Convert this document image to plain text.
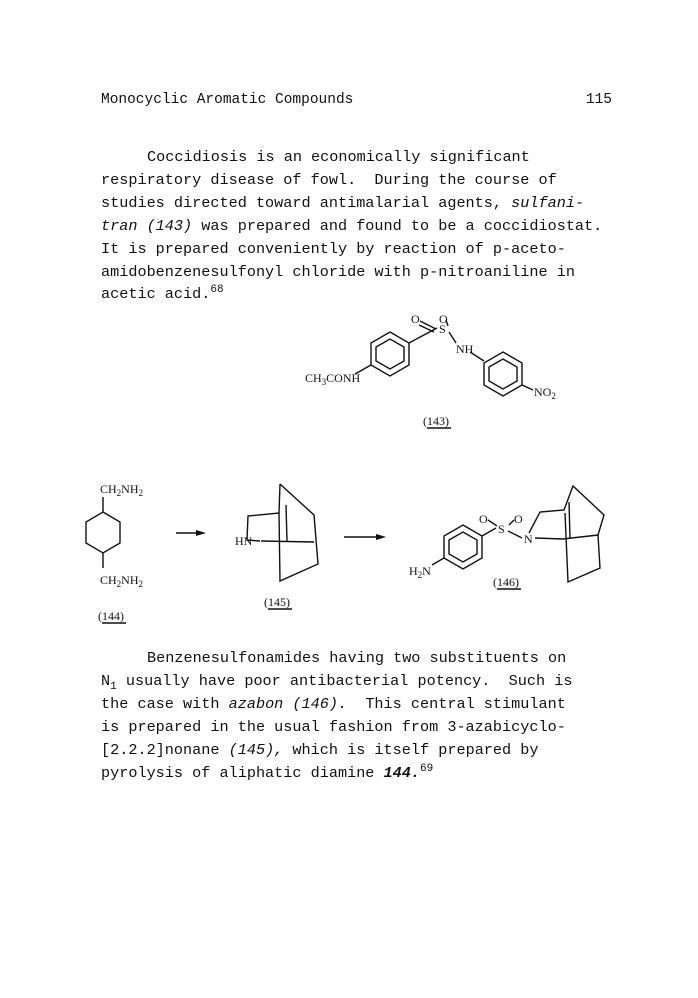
Monocyclic Aromatic Compounds	115

Coccidiosis is an economically significant
respiratory disease of fowl.  During the course of
studies directed toward antimalarial agents, sulfani-
tran (143) was prepared and found to be a coccidiostat.
It is prepared conveniently by reaction of p-aceto-
amidobenzenesulfonyl chloride with p-nitroaniline in
acetic acid.$^{68}$

O
S
O
NH
$CH_3CONH$
$NO_2$
(143)
$CH_2NH_2$
$CH_2NH_2$
(144)
HN
(145)
$H_2N$
O
S
O
N
(146)

Benzenesulfonamides having two substituents on
$N_1$ usually have poor antibacterial potency.  Such is
the case with azabon (146).  This central stimulant
is prepared in the usual fashion from 3-azabicyclo-
[2.2.2]nonane (145), which is itself prepared by
pyrolysis of aliphatic diamine 144.69
